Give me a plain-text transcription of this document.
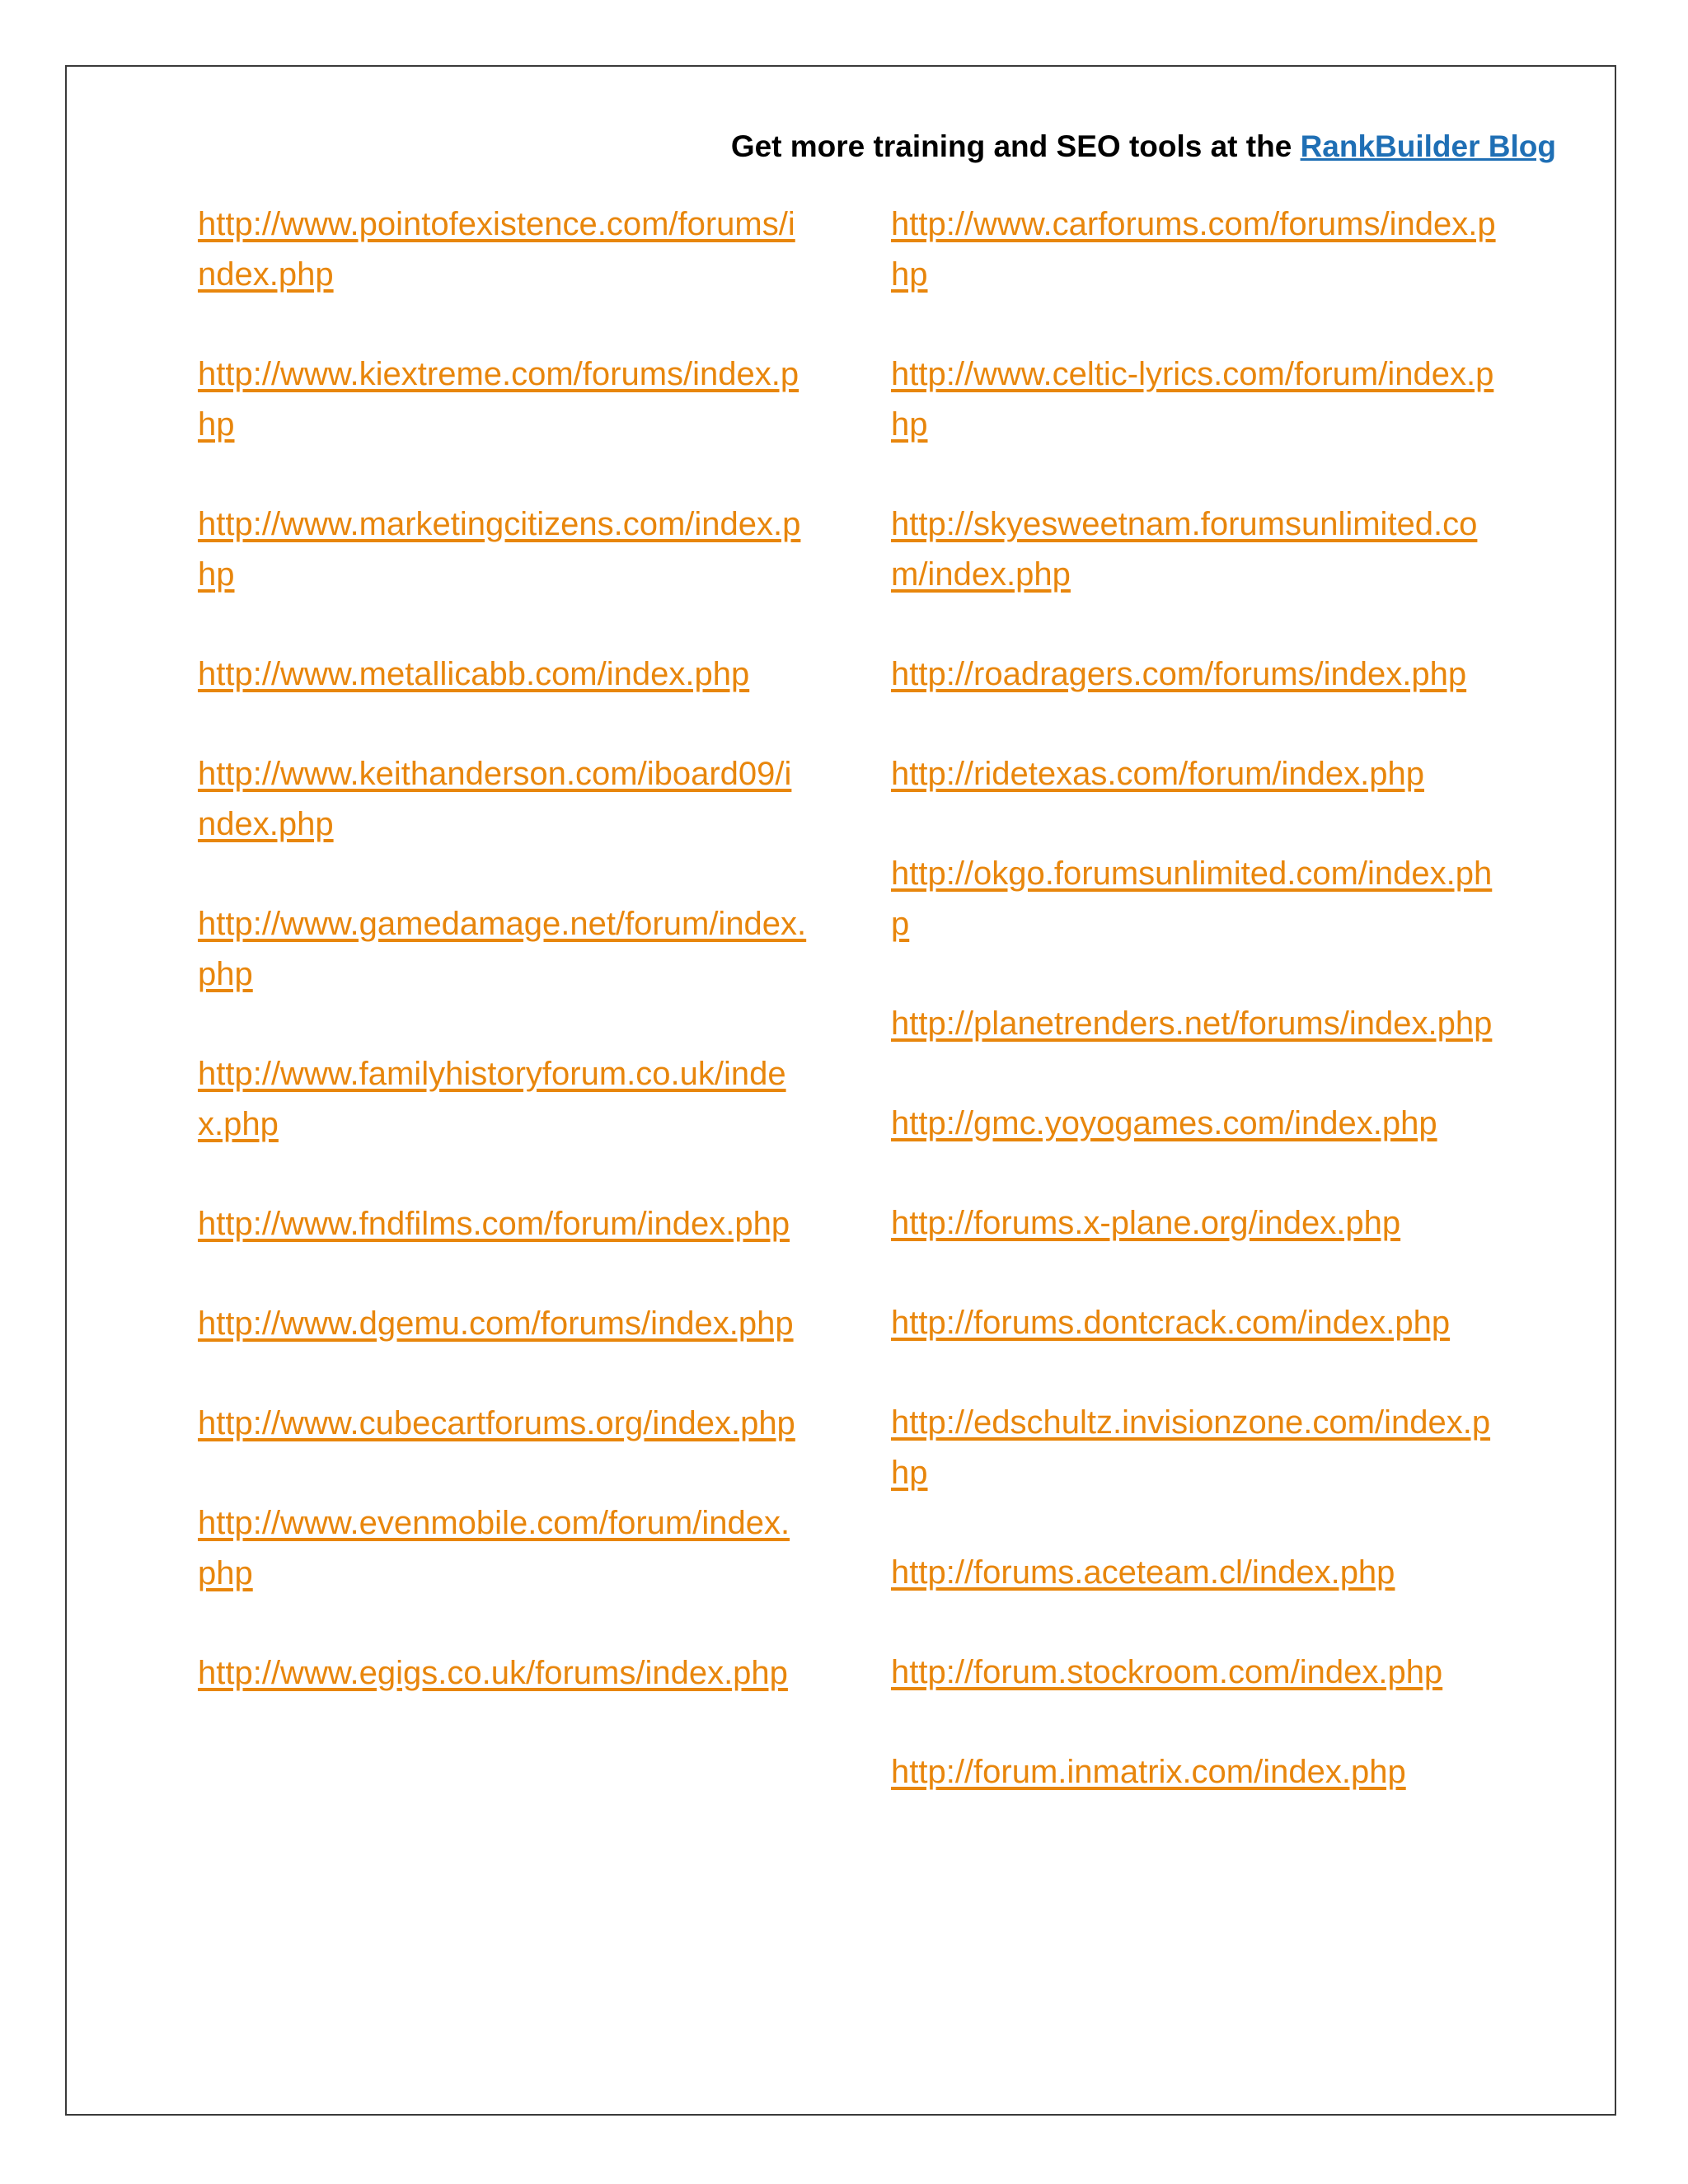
Get more training and SEO tools at the RankBuilder Blog
http://www.pointofexistence.com/forums/index.php
http://www.kiextreme.com/forums/index.php
http://www.marketingcitizens.com/index.php
http://www.metallicabb.com/index.php
http://www.keithanderson.com/iboard09/index.php
http://www.gamedamage.net/forum/index.php
http://www.familyhistoryforum.co.uk/index.php
http://www.fndfilms.com/forum/index.php
http://www.dgemu.com/forums/index.php
http://www.cubecartforums.org/index.php
http://www.evenmobile.com/forum/index.php
http://www.egigs.co.uk/forums/index.php
http://www.carforums.com/forums/index.php
http://www.celtic-lyrics.com/forum/index.php
http://skyesweetnam.forumsunlimited.com/index.php
http://roadragers.com/forums/index.php
http://ridetexas.com/forum/index.php
http://okgo.forumsunlimited.com/index.php
http://planetrenders.net/forums/index.php
http://gmc.yoyogames.com/index.php
http://forums.x-plane.org/index.php
http://forums.dontcrack.com/index.php
http://edschultz.invisionzone.com/index.php
http://forums.aceteam.cl/index.php
http://forum.stockroom.com/index.php
http://forum.inmatrix.com/index.php
